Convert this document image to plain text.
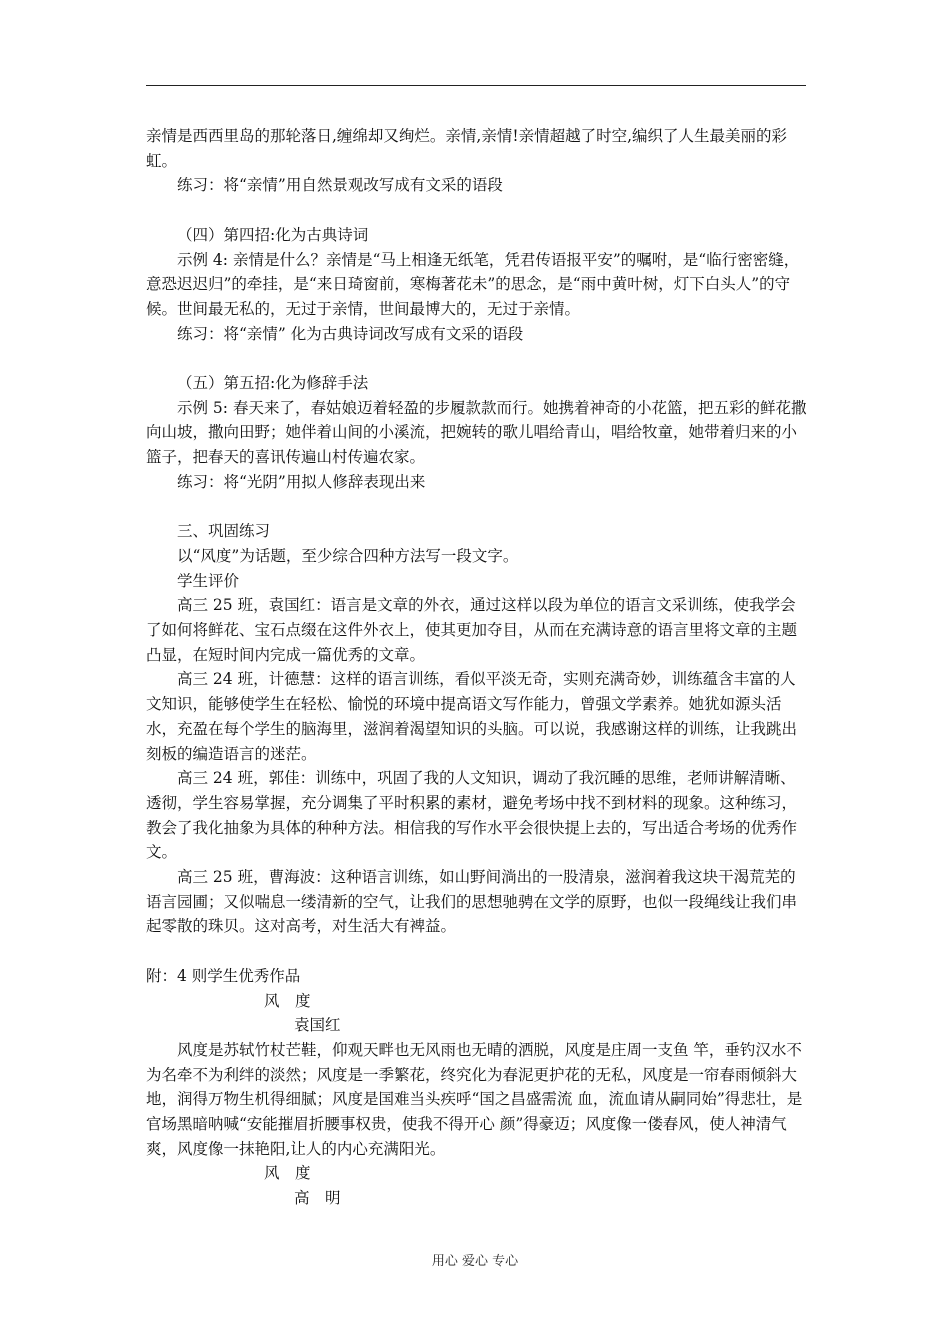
亲情是西西里岛的那轮落日,缠绵却又绚烂。亲情,亲情!亲情超越了时空,编织了人生最美丽的彩虹。

练习：将“亲情”用自然景观改写成有文采的语段

（四）第四招:化为古典诗词

示例 4: 亲情是什么？亲情是“马上相逢无纸笔，凭君传语报平安”的嘱咐，是“临行密密缝，意恐迟迟归”的牵挂，是“来日琦窗前，寒梅著花未”的思念，是“雨中黄叶树，灯下白头人”的守候。世间最无私的，无过于亲情，世间最博大的，无过于亲情。

练习：将“亲情” 化为古典诗词改写成有文采的语段

（五）第五招:化为修辞手法

示例 5: 春天来了，春姑娘迈着轻盈的步履款款而行。她携着神奇的小花篮，把五彩的鲜花撒向山坡，撒向田野；她伴着山间的小溪流，把婉转的歌儿唱给青山，唱给牧童，她带着归来的小篮子，把春天的喜讯传遍山村传遍农家。

练习：将“光阴”用拟人修辞表现出来

三、巩固练习

以“风度”为话题，至少综合四种方法写一段文字。

学生评价

高三 25 班，袁国红：语言是文章的外衣，通过这样以段为单位的语言文采训练，使我学会了如何将鲜花、宝石点缀在这件外衣上，使其更加夺目，从而在充满诗意的语言里将文章的主题凸显，在短时间内完成一篇优秀的文章。

高三 24 班，计德慧：这样的语言训练，看似平淡无奇，实则充满奇妙，训练蕴含丰富的人文知识，能够使学生在轻松、愉悦的环境中提高语文写作能力，曾强文学素养。她犹如源头活水，充盈在每个学生的脑海里，滋润着渴望知识的头脑。可以说，我感谢这样的训练，让我跳出刻板的编造语言的迷茫。

高三 24 班，郭佳：训练中，巩固了我的人文知识，调动了我沉睡的思维，老师讲解清晰、透彻，学生容易掌握，充分调集了平时积累的素材，避免考场中找不到材料的现象。这种练习，教会了我化抽象为具体的种种方法。相信我的写作水平会很快提上去的，写出适合考场的优秀作文。

高三 25 班，曹海波：这种语言训练，如山野间淌出的一股清泉，滋润着我这块干渴荒芜的语言园圃；又似喘息一缕清新的空气，让我们的思想驰骋在文学的原野，也似一段绳线让我们串起零散的珠贝。这对高考，对生活大有裨益。

附：4 则学生优秀作品

风　度

袁国红

风度是苏轼竹杖芒鞋，仰观天畔也无风雨也无晴的洒脱，风度是庄周一支鱼 竿，垂钓汉水不为名牵不为利绊的淡然；风度是一季繁花，终究化为春泥更护花的无私，风度是一帘春雨倾斜大地，润得万物生机得细腻；风度是国难当头疾呼“国之昌盛需流 血，流血请从嗣同始”得悲壮，是官场黑暗呐喊“安能摧眉折腰事权贵，使我不得开心 颜”得豪迈；风度像一偻春风，使人神清气爽，风度像一抹艳阳,让人的内心充满阳光。

风　度

高　明

用心 爱心 专心
